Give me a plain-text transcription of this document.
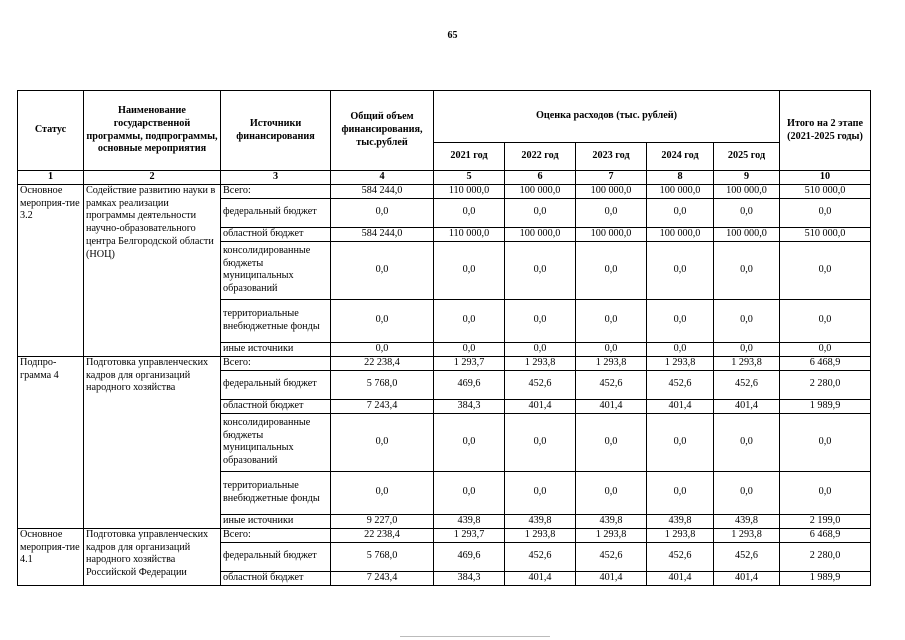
65
Статус	Наименование государственной программы, подпрограммы, основные мероприятия	Источники финансирования	Общий объем финансирования, тыс.рублей	Оценка расходов (тыс. рублей)					Итого на 2 этапе (2021-2025 годы)
				2021 год	2022 год	2023 год	2024 год	2025 год	
1	2	3	4	5	6	7	8	9	10
Основное мероприя-тие 3.2	Содействие развитию науки в рамках реализации программы деятельности научно-образовательного центра Белгородской области (НОЦ)	Всего:	584 244,0	110 000,0	100 000,0	100 000,0	100 000,0	100 000,0	510 000,0
		федеральный бюджет	0,0	0,0	0,0	0,0	0,0	0,0	0,0
		областной бюджет	584 244,0	110 000,0	100 000,0	100 000,0	100 000,0	100 000,0	510 000,0
		консолидированные бюджеты муниципальных образований	0,0	0,0	0,0	0,0	0,0	0,0	0,0
		территориальные внебюджетные фонды	0,0	0,0	0,0	0,0	0,0	0,0	0,0
		иные источники	0,0	0,0	0,0	0,0	0,0	0,0	0,0
Подпро-грамма 4	Подготовка управленческих кадров для организаций народного хозяйства	Всего:	22 238,4	1 293,7	1 293,8	1 293,8	1 293,8	1 293,8	6 468,9
		федеральный бюджет	5 768,0	469,6	452,6	452,6	452,6	452,6	2 280,0
		областной бюджет	7 243,4	384,3	401,4	401,4	401,4	401,4	1 989,9
		консолидированные бюджеты муниципальных образований	0,0	0,0	0,0	0,0	0,0	0,0	0,0
		территориальные внебюджетные фонды	0,0	0,0	0,0	0,0	0,0	0,0	0,0
		иные источники	9 227,0	439,8	439,8	439,8	439,8	439,8	2 199,0
Основное мероприя-тие 4.1	Подготовка управленческих кадров для организаций народного хозяйства Российской Федерации	Всего:	22 238,4	1 293,7	1 293,8	1 293,8	1 293,8	1 293,8	6 468,9
		федеральный бюджет	5 768,0	469,6	452,6	452,6	452,6	452,6	2 280,0
		областной бюджет	7 243,4	384,3	401,4	401,4	401,4	401,4	1 989,9
